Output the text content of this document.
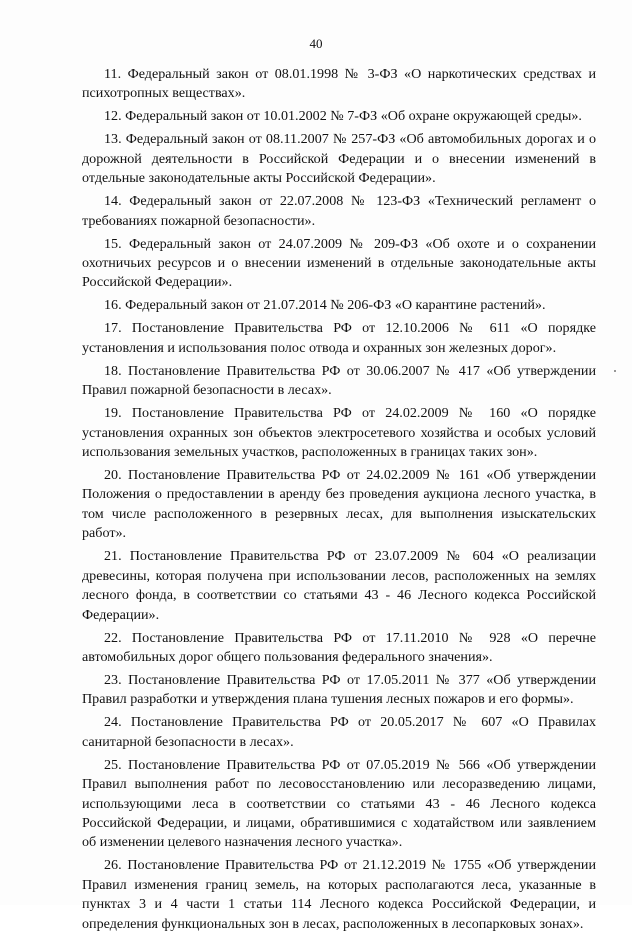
40

11. Федеральный закон от 08.01.1998 № 3-ФЗ «О наркотических средствах и психотропных веществах».

12. Федеральный закон от 10.01.2002 № 7-ФЗ «Об охране окружающей среды».

13. Федеральный закон от 08.11.2007 № 257-ФЗ «Об автомобильных дорогах и о дорожной деятельности в Российской Федерации и о внесении изменений в отдельные законодательные акты Российской Федерации».

14. Федеральный закон от 22.07.2008 № 123-ФЗ «Технический регламент о требованиях пожарной безопасности».

15. Федеральный закон от 24.07.2009 № 209-ФЗ «Об охоте и о сохранении охотничьих ресурсов и о внесении изменений в отдельные законодательные акты Российской Федерации».

16. Федеральный закон от 21.07.2014 № 206-ФЗ «О карантине растений».

17. Постановление Правительства РФ от 12.10.2006 № 611 «О порядке установления и использования полос отвода и охранных зон железных дорог».

18. Постановление Правительства РФ от 30.06.2007 № 417 «Об утверждении Правил пожарной безопасности в лесах».

19. Постановление Правительства РФ от 24.02.2009 № 160 «О порядке установления охранных зон объектов электросетевого хозяйства и особых условий использования земельных участков, расположенных в границах таких зон».

20. Постановление Правительства РФ от 24.02.2009 № 161 «Об утверждении Положения о предоставлении в аренду без проведения аукциона лесного участка, в том числе расположенного в резервных лесах, для выполнения изыскательских работ».

21. Постановление Правительства РФ от 23.07.2009 № 604 «О реализации древесины, которая получена при использовании лесов, расположенных на землях лесного фонда, в соответствии со статьями 43 - 46 Лесного кодекса Российской Федерации».

22. Постановление Правительства РФ от 17.11.2010 № 928 «О перечне автомобильных дорог общего пользования федерального значения».

23. Постановление Правительства РФ от 17.05.2011 № 377 «Об утверждении Правил разработки и утверждения плана тушения лесных пожаров и его формы».

24. Постановление Правительства РФ от 20.05.2017 № 607 «О Правилах санитарной безопасности в лесах».

25. Постановление Правительства РФ от 07.05.2019 № 566 «Об утверждении Правил выполнения работ по лесовосстановлению или лесоразведению лицами, использующими леса в соответствии со статьями 43 - 46 Лесного кодекса Российской Федерации, и лицами, обратившимися с ходатайством или заявлением об изменении целевого назначения лесного участка».

26. Постановление Правительства РФ от 21.12.2019 № 1755 «Об утверждении Правил изменения границ земель, на которых располагаются леса, указанные в пунктах 3 и 4 части 1 статьи 114 Лесного кодекса Российской Федерации, и определения функциональных зон в лесах, расположенных в лесопарковых зонах».
